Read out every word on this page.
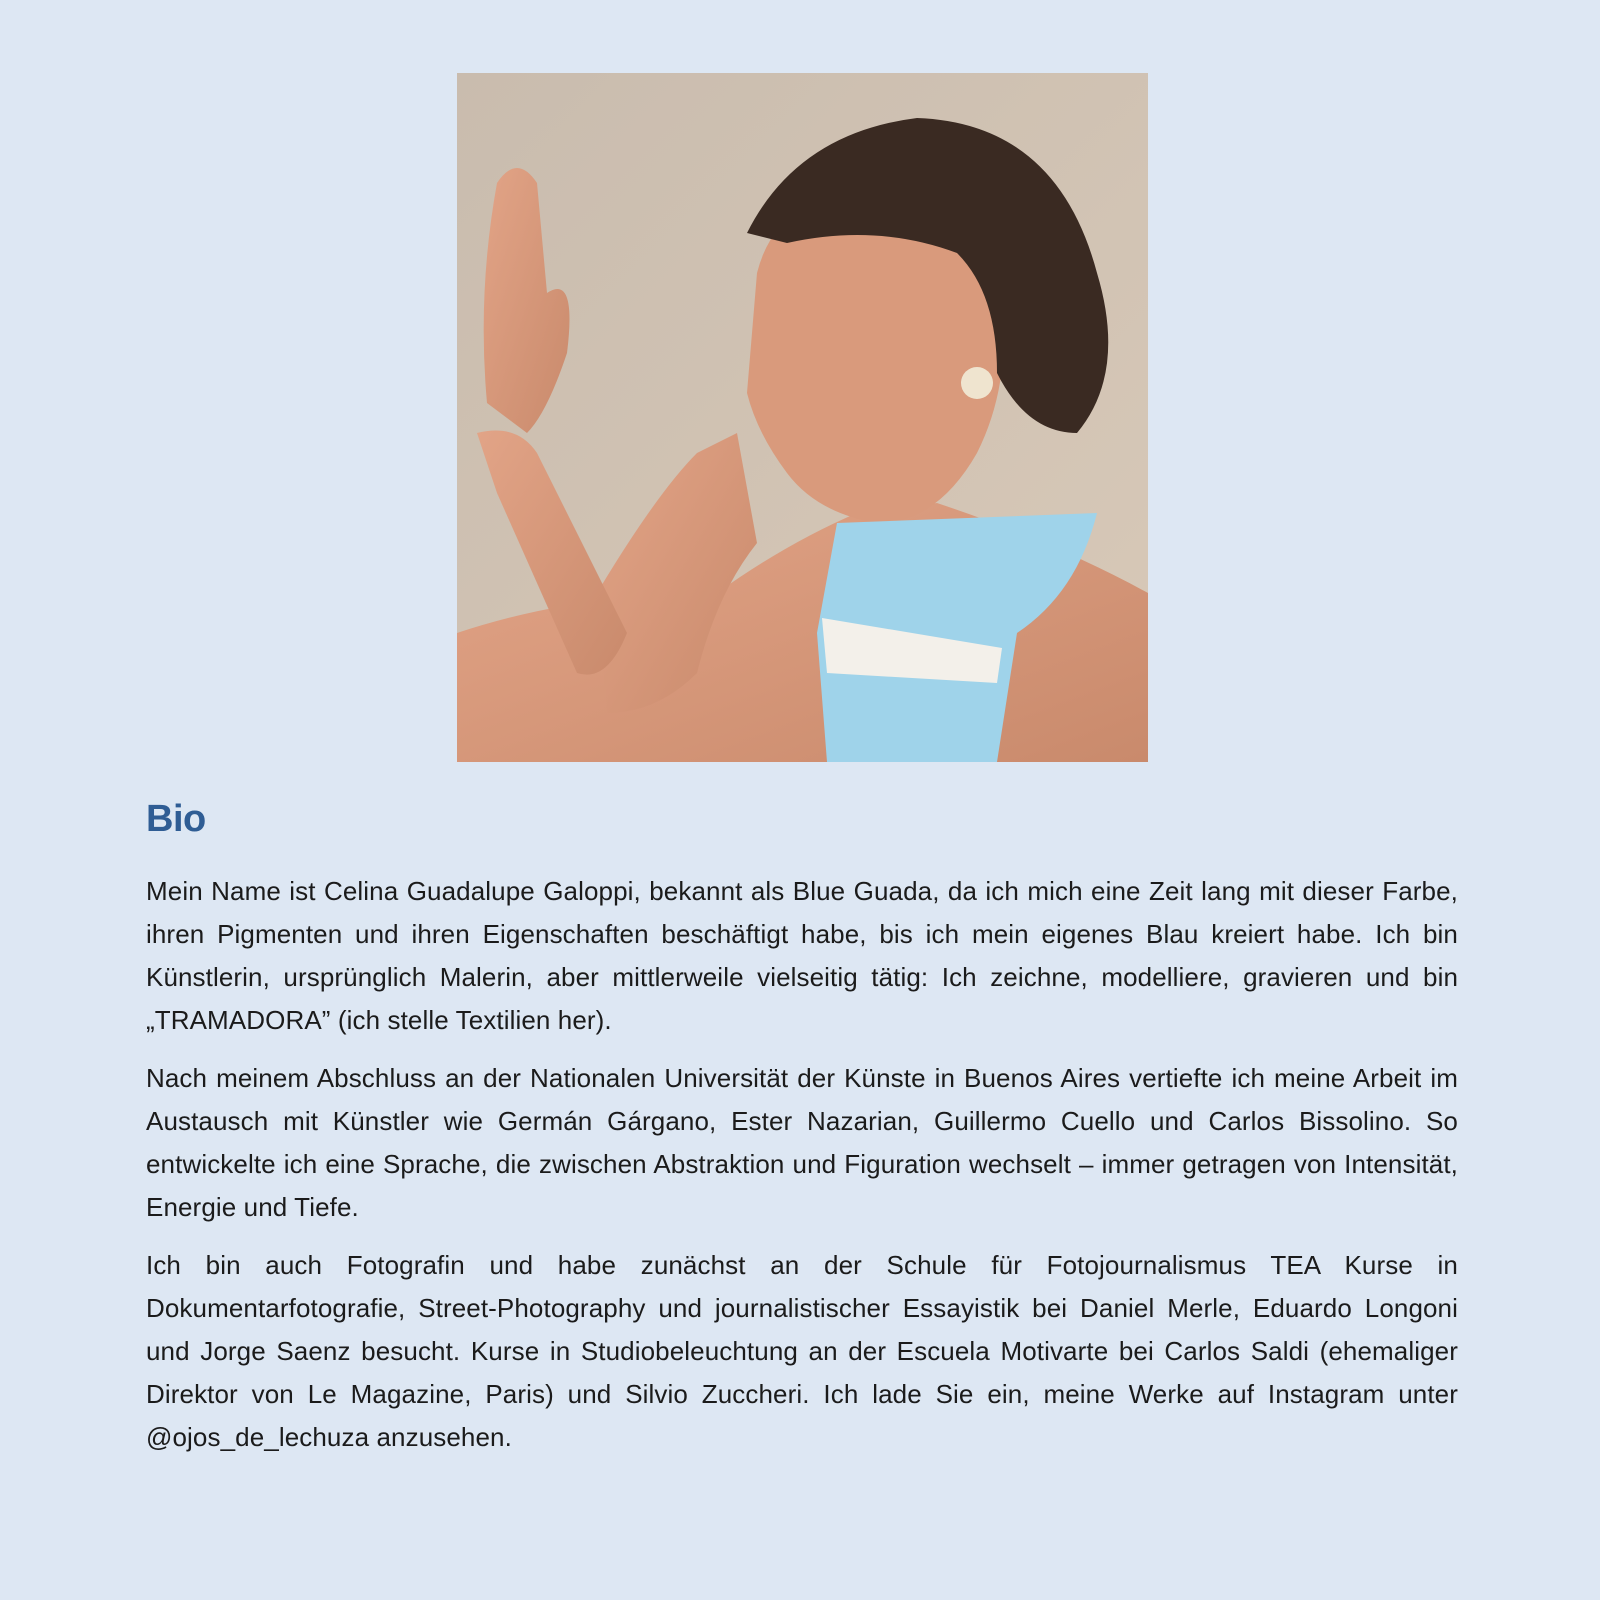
Bio

Mein Name ist Celina Guadalupe Galoppi, bekannt als Blue Guada, da ich mich eine Zeit lang mit dieser Farbe, ihren Pigmenten und ihren Eigenschaften beschäftigt habe, bis ich mein eigenes Blau kreiert habe. Ich bin Künstlerin, ursprünglich Malerin, aber mittlerweile vielseitig tätig: Ich zeichne, modelliere, gravieren und bin „TRAMADORA” (ich stelle Textilien her).

Nach meinem Abschluss an der Nationalen Universität der Künste in Buenos Aires vertiefte ich meine Arbeit im Austausch mit Künstler wie Germán Gárgano, Ester Nazarian, Guillermo Cuello und Carlos Bissolino. So entwickelte ich eine Sprache, die zwischen Abstraktion und Figuration wechselt – immer getragen von Intensität, Energie und Tiefe.

Ich bin auch Fotografin und habe zunächst an der Schule für Fotojournalismus TEA Kurse in Dokumentarfotografie, Street-Photography und journalistischer Essayistik bei Daniel Merle, Eduardo Longoni und Jorge Saenz besucht. Kurse in Studiobeleuchtung an der Escuela Motivarte bei Carlos Saldi (ehemaliger Direktor von Le Magazine, Paris) und Silvio Zuccheri. Ich lade Sie ein, meine Werke auf Instagram unter @ojos_de_lechuza anzusehen.
